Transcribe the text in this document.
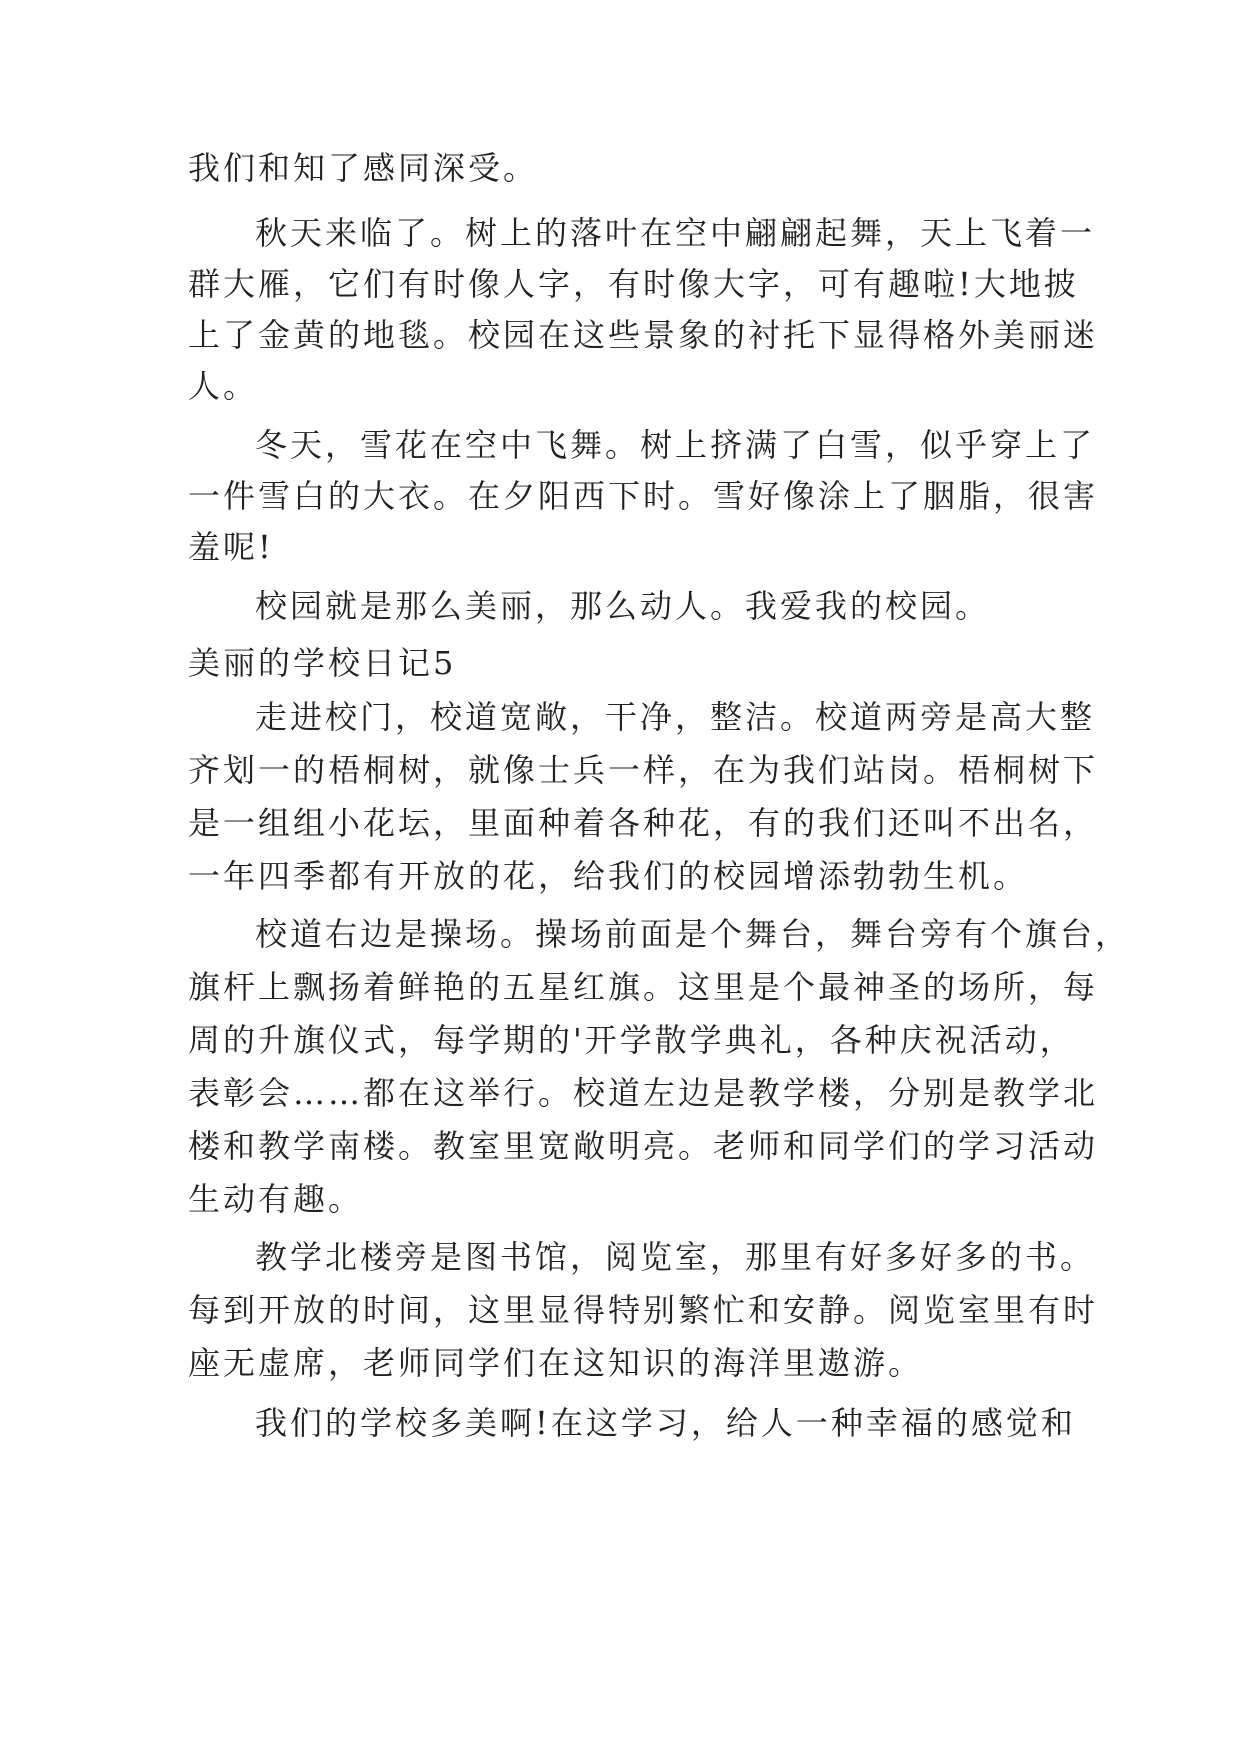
我们和知了感同深受。
秋天来临了。树上的落叶在空中翩翩起舞，天上飞着一
群大雁，它们有时像人字，有时像大字，可有趣啦!大地披
上了金黄的地毯。校园在这些景象的衬托下显得格外美丽迷
人。
冬天，雪花在空中飞舞。树上挤满了白雪，似乎穿上了
一件雪白的大衣。在夕阳西下时。雪好像涂上了胭脂，很害
羞呢!
校园就是那么美丽，那么动人。我爱我的校园。
美丽的学校日记5
走进校门，校道宽敞，干净，整洁。校道两旁是高大整
齐划一的梧桐树，就像士兵一样，在为我们站岗。梧桐树下
是一组组小花坛，里面种着各种花，有的我们还叫不出名，
一年四季都有开放的花，给我们的校园增添勃勃生机。
校道右边是操场。操场前面是个舞台，舞台旁有个旗台，
旗杆上飘扬着鲜艳的五星红旗。这里是个最神圣的场所，每
周的升旗仪式，每学期的'开学散学典礼，各种庆祝活动，
表彰会……都在这举行。校道左边是教学楼，分别是教学北
楼和教学南楼。教室里宽敞明亮。老师和同学们的学习活动
生动有趣。
教学北楼旁是图书馆，阅览室，那里有好多好多的书。
每到开放的时间，这里显得特别繁忙和安静。阅览室里有时
座无虚席，老师同学们在这知识的海洋里遨游。
我们的学校多美啊!在这学习，给人一种幸福的感觉和
